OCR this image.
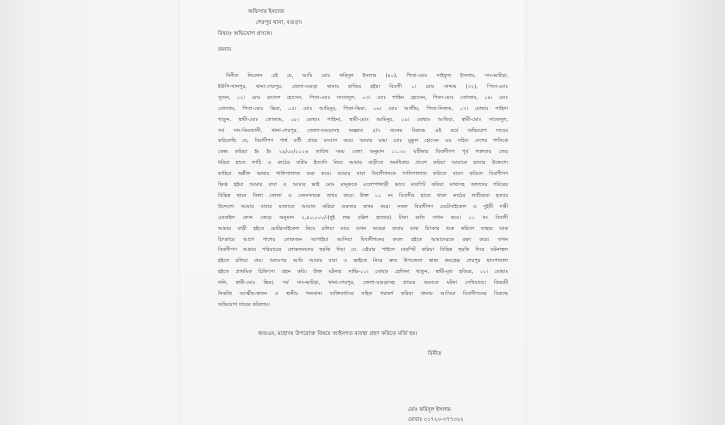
অফিসার ইনচার্জ
শেরপুর থানা, বগুড়া।
বিষয়ঃ অভিযোগ প্রসঙ্গে।
জনাব
বিনীত নিবেদন এই যে, আমি মোঃ ফরিদুল ইসলাম (৪০), পিতা-মোঃ সাইফুল ইসলাম, সাং-ভাটড়া,
ইউপি-খানপুর, থানা-শেরপুর, জেলা-বগুড়া থানায় হাজির হইয়া বিবাদী ১। মোঃ সাদ্দাম (৩২), পিতা-মোঃ
সুজন, ০২। মোঃ রাসেল হোসেন, পিতা-মোঃ সাজেদুল, ০৩। মোঃ শাহিন হোসেন, পিতা-মোঃ তোজাম, ০৪। মোঃ
তোজাম, পিতা-মোঃ ভিমা, ০৫। মোঃ আমিনুর, পিতা-ভিমা, ০৬। মোঃ আলীম, পিতা-নিজাম, ০৭। মোছাঃ শাহিদা
খাতুন, স্বামী-মোঃ তোজাম, ০৮। মোছাঃ শাহিনা, স্বামী-মোঃ আমিনুর, ০৯। মোছাঃ আছিয়া, স্বামী-মোঃ সাজেদুল,
সর্ব সাং-ডিমজানী, থানা-শেরপুর, জেলা-বগুড়াসহ অজ্ঞাত ৫/৭ জনের বিরুদ্ধে এই মর্মে অভিযোগ দায়ের
করিতেছি যে, বিবাদীগণ পার্শ্ব বর্তী গ্রামে বসবাস করে। আমার মামা মোঃ মুকুল হোসেন এর সহিত দেশের শাসিকে
কেন্দ্র করিয়া ইং ইং ২৯/০৮/২০২৬ তারিখ সময় বেলা অনুমান ১১.৩০ ঘটিকার বিবাদীগণ পূর্ব শত্রুতার জের
ধরিয়া হাতে লাঠি ও কাঠের বাটাম ইত্যাদি নিয়ে আমার বাড়ীতে অনধিকার প্রবেশ করিয়া আমাকে হত্যার উদ্দেশ্যে
কাহিয়া অশ্লীল ভাষায় গালিগালাজ শুরু করে। আমার বাবা বিবাদীগনকে গালিগালাজ করিতে বারণ করিলে বিবাদীগণ
ক্ষিপ্ত হইয়া আমার বাবা ও আমার ভাই মোঃ মানুককে এলোপাথাড়ী ভাবে মারপিট করিয়া মাথাসহ অঙ্গাদের শরিরের
বিভিন্ন স্থানে ফিলা ফোলা ও বেদনাদায়ক জখম করে। উক্ত ০১ নং বিবাদীর হাতে থাকা কাঠের লাঠিদ্বারা হত্যার
উদ্দেশ্যে আমার বাবার মাজাতে আঘাত করিয়া গুরুতর জখম করে। সকল বিবাদীগণ মেটেসাইকেল ও দুইটি দামী
মোবাইল ফোন কেড়ে অনুমান ২,৪০,০০০/-(দুই লক্ষ চল্লিশ হাজার) টাকা ক্ষতি সাধন করে। ০১ নং বিবাদী
আমার বাড়ী হইতে মোটরসাইকেল নিয়ে চলিয়া যায়। তখন আমরা বাবার ডাক চিৎকার শুরু করিলে তাহার ডাক
চিৎকারে আশে পাশের লোকজন আগাইয়া আসিয়া বিবাদীগনের কবল হইতে আমাদেরকে রক্ষা করে। তখন
বিবাদীগণ আমার পরিবারের লোকজনদের হুমকি দিয়া যে এইবার পাইলে মারপিট করিয়া বিভিন্ন হুমকি দিয়ে ঘটনাস্থল
হইতে চলিয়া যায়। অতঃপর আমি আমার বাবা ও ভাইকে নিয়ে দ্রুত উপজেলা স্বাস্থ্য কমপ্লেক্স শেরপুর হাসপাতাল
হইতে প্রাথমিক চিকিৎসা গ্রহন করি। উক্ত ঘটনার সাক্ষি-০১। মোছাঃ হেলিনা খাতুন, স্বামী-মৃত হবিবর, ০২। মোছাঃ
ফনি, স্বামী-মোঃ ভিমা, সর্ব সাং-ভাটড়া, থানা-শেরপুর, জেলা-বগুড়াসহ গ্রামের অনেকে ঘটনা দেখিয়াছে। বিষয়টি
নিকটস্থ আত্মীয়-স্বজন ও স্থানীয় গন্যমান্য ব্যক্তিবর্গদের সহিত পরামর্শ করিয়া থানায় আসিয়া বিবাদীগনের বিরুদ্ধে
অভিযোগ দায়ের করিলাম।
অতএব, মহোদয় উপরোক্ত বিষয়ে আইনগত ব্যবস্থা গ্রহণ করিতে মর্জি হয়।
বিনীত
মোঃ ফরিদুল ইসলাম
মোবাঃ ০১৭২০-৩৭৭৩২২
